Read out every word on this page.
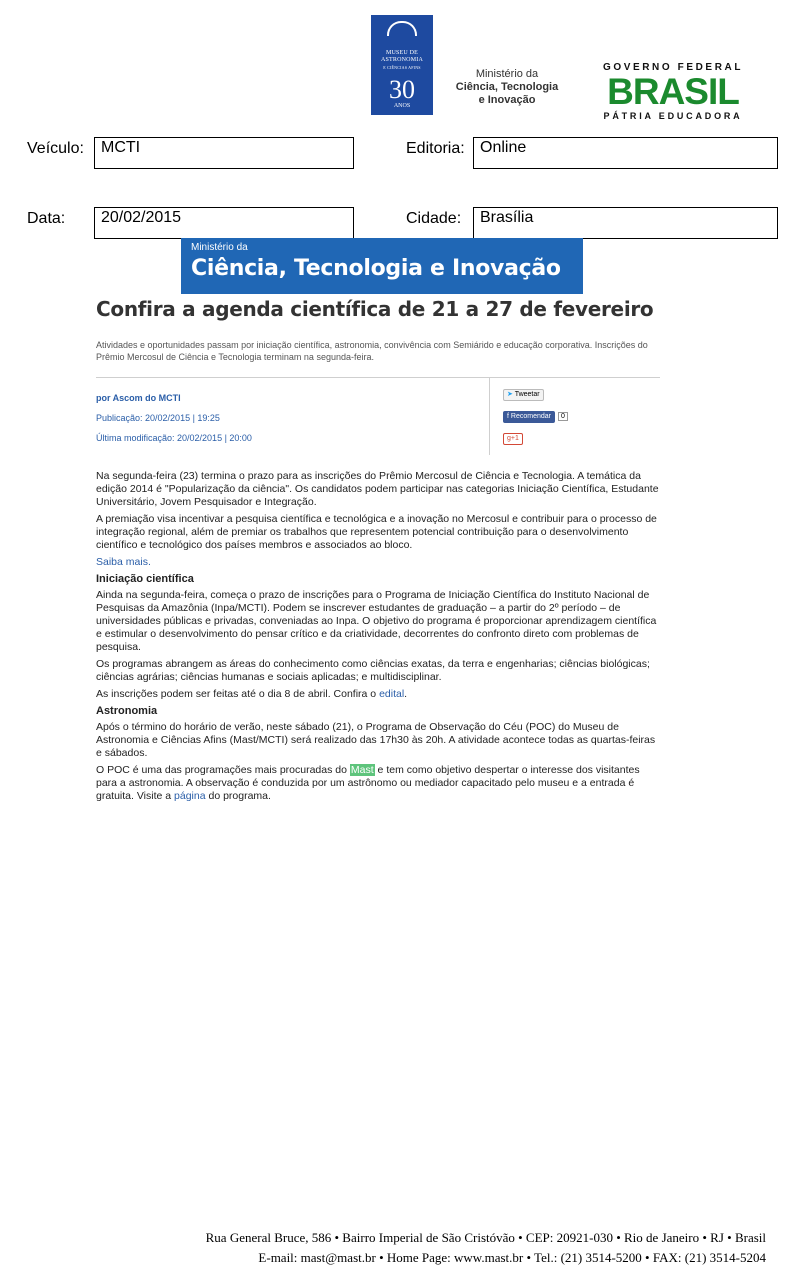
MUSEU DE
ASTRONOMIA
E CIÊNCIAS AFINS
30
ANOS
Ministério da
Ciência, Tecnologia
e Inovação
GOVERNO FEDERAL
BRASIL
PÁTRIA EDUCADORA
Veículo:	MCTI	Editoria: Online
Data:	20/02/2015	Cidade:	Brasília
Ministério da
Ciência, Tecnologia e Inovação
Confira a agenda científica de 21 a 27 de fevereiro
Atividades e oportunidades passam por iniciação científica, astronomia, convivência com Semiárido e educação corporativa. Inscrições do Prêmio Mercosul de Ciência e Tecnologia terminam na segunda-feira.
por Ascom do MCTI
Publicação: 20/02/2015 | 19:25
Última modificação: 20/02/2015 | 20:00
➤ Tweetar
f Recomendar 0
g+1

Na segunda-feira (23) termina o prazo para as inscrições do Prêmio Mercosul de Ciência e Tecnologia. A temática da edição 2014 é "Popularização da ciência". Os candidatos podem participar nas categorias Iniciação Científica, Estudante Universitário, Jovem Pesquisador e Integração.

A premiação visa incentivar a pesquisa científica e tecnológica e a inovação no Mercosul e contribuir para o processo de integração regional, além de premiar os trabalhos que representem potencial contribuição para o desenvolvimento científico e tecnológico dos países membros e associados ao bloco.

Saiba mais.

Iniciação científica

Ainda na segunda-feira, começa o prazo de inscrições para o Programa de Iniciação Científica do Instituto Nacional de Pesquisas da Amazônia (Inpa/MCTI). Podem se inscrever estudantes de graduação – a partir do 2º período – de universidades públicas e privadas, conveniadas ao Inpa. O objetivo do programa é proporcionar aprendizagem científica e estimular o desenvolvimento do pensar crítico e da criatividade, decorrentes do confronto direto com problemas de pesquisa.

Os programas abrangem as áreas do conhecimento como ciências exatas, da terra e engenharias; ciências biológicas; ciências agrárias; ciências humanas e sociais aplicadas; e multidisciplinar.

As inscrições podem ser feitas até o dia 8 de abril. Confira o edital.

Astronomia

Após o término do horário de verão, neste sábado (21), o Programa de Observação do Céu (POC) do Museu de Astronomia e Ciências Afins (Mast/MCTI) será realizado das 17h30 às 20h. A atividade acontece todas as quartas-feiras e sábados.

O POC é uma das programações mais procuradas do Mast e tem como objetivo despertar o interesse dos visitantes para a astronomia. A observação é conduzida por um astrônomo ou mediador capacitado pelo museu e a entrada é gratuita. Visite a página do programa.

Rua General Bruce, 586 • Bairro Imperial de São Cristóvão • CEP: 20921-030 • Rio de Janeiro • RJ • Brasil
E-mail: mast@mast.br • Home Page: www.mast.br • Tel.: (21) 3514-5200 • FAX: (21) 3514-5204
